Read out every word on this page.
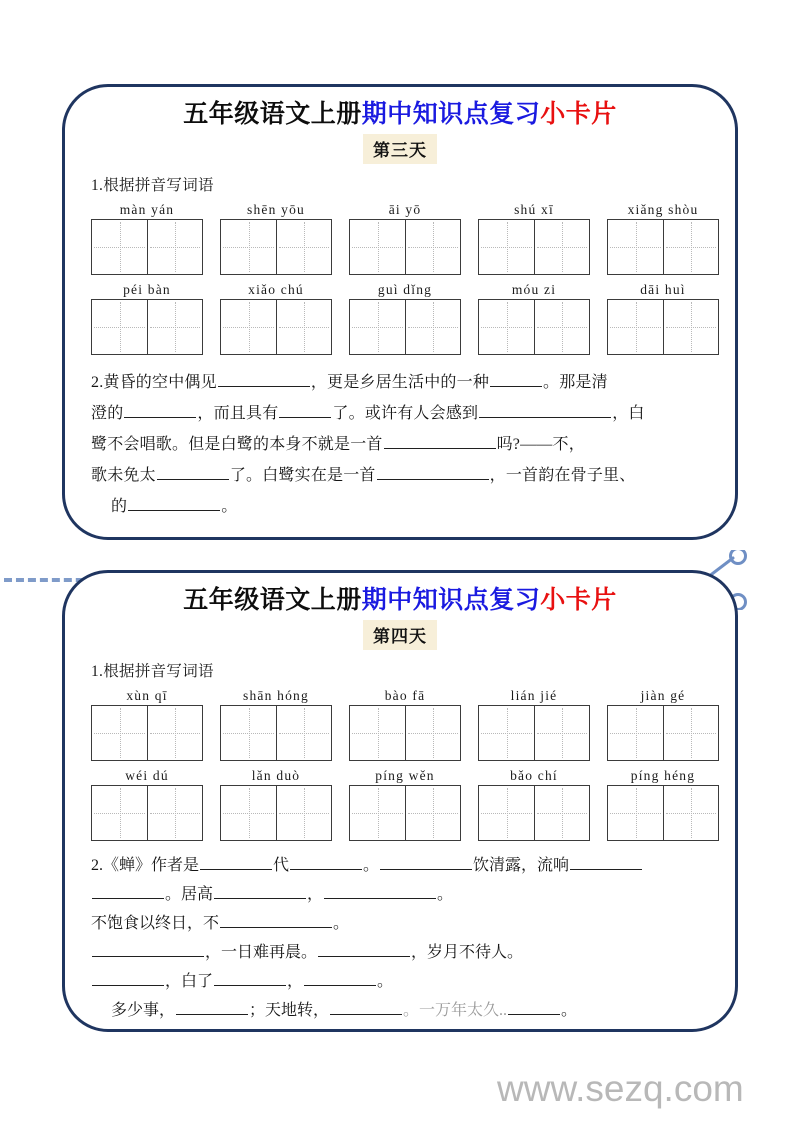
五年级语文上册期中知识点复习小卡片
第三天
1.根据拼音写词语
màn yán	shēn yōu	āi yō	shú xī	xiǎng shòu
péi bàn	xiǎo chú	guì dǐng	móu zi	dāi huì

2.黄昏的空中偶见	，更是乡居生活中的一种	。那是清

澄的	，而且具有	了。或许有人会感到	，白

鹭不会唱歌。但是白鹭的本身不就是一首	吗?——不，

歌未免太	了。白鹭实在是一首	，一首韵在骨子里、

的	。

五年级语文上册期中知识点复习小卡片
第四天
1.根据拼音写词语
xùn qī	shān hóng	bào fā	lián jié	jiàn gé
wéi dú	lǎn duò	píng wěn	bǎo chí	píng héng

2.《蝉》作者是	代	。	饮清露，流响

。居高	，	。

不饱食以终日，不	。

，一日难再晨。	，岁月不待人。

，白了	，	。

多少事，	；天地转，	。一万年太久..	。

www.sezq.com
